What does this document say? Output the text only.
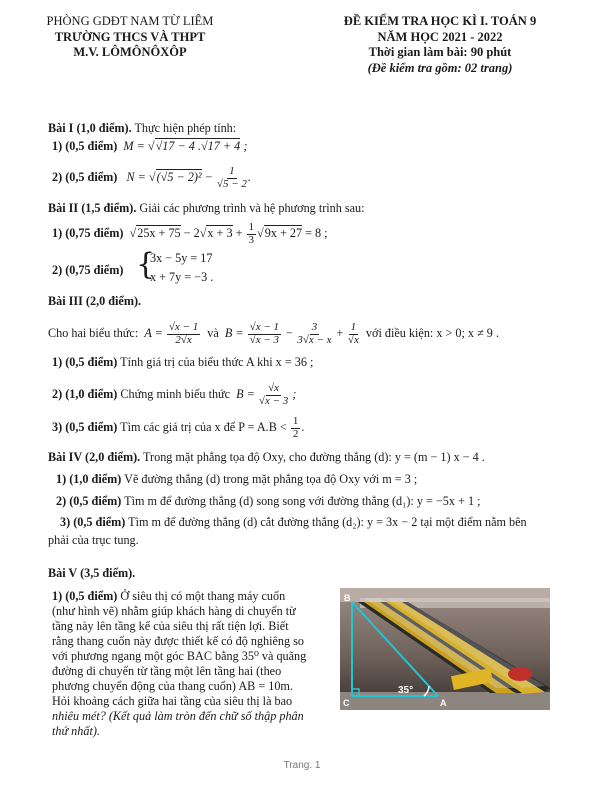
PHÒNG GDĐT NAM TỪ LIÊM
TRƯỜNG THCS VÀ THPT
M.V. LÔMÔNÔXÔP
ĐỀ KIỂM TRA HỌC KÌ I. TOÁN 9
NĂM HỌC 2021 - 2022
Thời gian làm bài: 90 phút
(Đề kiểm tra gồm: 02 trang)
Bài I (1,0 điểm). Thực hiện phép tính:
1) (0,5 điểm)  M = √√17 − 4 .√17 + 4 ;
2) (0,5 điểm)   $N = √(√5 - 2)^2 - \frac{1}{√5 - 2}$ .
Bài II (1,5 điểm). Giải các phương trình và hệ phương trình sau:
1) (0,75 điểm)  $√25x + 75 - 2√x + 3 + \frac{1}{3} √9x + 27 = 8$ ;
2) (0,75 điểm) {
3x − 5y = 17
x + 7y = −3 .
Bài III (2,0 điểm).
Cho hai biểu thức:  $A = \frac{√x - 1}{2√x}$ và $B = \frac{√x - 1}{√x - 3} - \frac{3}{3√x - x} + \frac{1}{√x}$ với điều kiện: x > 0; x ≠ 9 .
1) (0,5 điểm) Tính giá trị của biểu thức A khi x = 36 ;
2) (1,0 điểm) Chứng minh biểu thức  $B = \frac{√x}{√x - 3}$ ;
3) (0,5 điểm) Tìm các giá trị của x để $P = A.B < \frac{1}{2}$ .
Bài IV (2,0 điểm). Trong mặt phẳng tọa độ Oxy, cho đường thẳng (d): y = (m − 1) x − 4 .
1) (1,0 điểm) Vẽ đường thẳng (d) trong mặt phẳng tọa độ Oxy với m = 3 ;
2) (0,5 điểm) Tìm m để đường thẳng (d) song song với đường thẳng (d₁): y = −5x + 1 ;
3) (0,5 điểm) Tìm m để đường thẳng (d) cắt đường thẳng (d₂): y = 3x − 2 tại một điểm nằm bên
phải của trục tung.
Bài V (3,5 điểm).
1) (0,5 điểm) Ở siêu thị có một thang máy cuốn
(như hình vẽ) nhằm giúp khách hàng di chuyển từ
tầng này lên tầng kế của siêu thị rất tiện lợi. Biết
rằng thang cuốn này được thiết kế có độ nghiêng so
với phương ngang một góc BAC bằng 35⁰ và quãng
đường di chuyển từ tầng một lên tầng hai (theo
phương chuyển động của thang cuốn) AB = 10m.
Hỏi khoảng cách giữa hai tầng của siêu thị là bao
nhiêu mét? (Kết quả làm tròn đến chữ số thập phân
thứ nhất).
B
A
C
35°
Trang. 1
